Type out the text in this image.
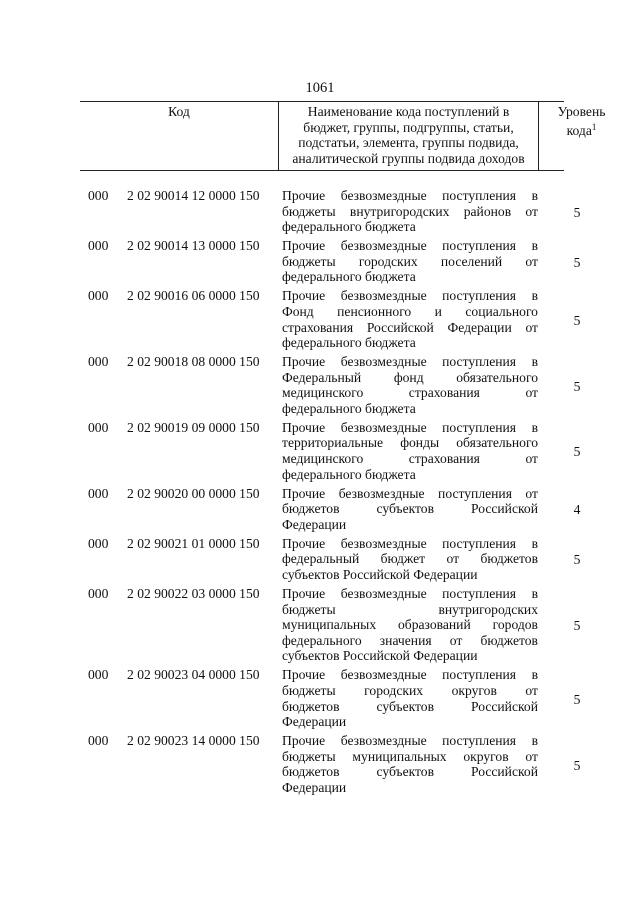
1061
Код	Наименование кода поступлений в
бюджет, группы, подгруппы, статьи,
подстатьи, элемента, группы подвида,
аналитической группы подвида доходов
Уровень
кода$^1$
000 2 02 90014 12 0000 150 Прочие безвозмездные поступления в
бюджеты внутригородских районов от
федерального бюджета
5
000 2 02 90014 13 0000 150 Прочие безвозмездные поступления в
бюджеты городских поселений от
федерального бюджета
5
000 2 02 90016 06 0000 150 Прочие безвозмездные поступления в
Фонд пенсионного и социального
страхования Российской Федерации от
федерального бюджета
5
000 2 02 90018 08 0000 150 Прочие безвозмездные поступления в
Федеральный фонд обязательного
медицинского	страхования	от
федерального бюджета
5
000 2 02 90019 09 0000 150 Прочие безвозмездные поступления в
территориальные фонды обязательного
медицинского	страхования	от
федерального бюджета
5
000 2 02 90020 00 0000 150 Прочие безвозмездные поступления от
бюджетов	субъектов	Российской
Федерации
4
000 2 02 90021 01 0000 150 Прочие безвозмездные поступления в
федеральный бюджет от бюджетов
субъектов Российской Федерации
5
000 2 02 90022 03 0000 150 Прочие безвозмездные поступления в
бюджеты	внутригородских
муниципальных образований городов
федерального значения от бюджетов
субъектов Российской Федерации
5
000 2 02 90023 04 0000 150 Прочие безвозмездные поступления в
бюджеты городских округов от
бюджетов	субъектов	Российской
Федерации
5
000 2 02 90023 14 0000 150 Прочие безвозмездные поступления в
бюджеты муниципальных округов от
бюджетов	субъектов	Российской
Федерации
5
